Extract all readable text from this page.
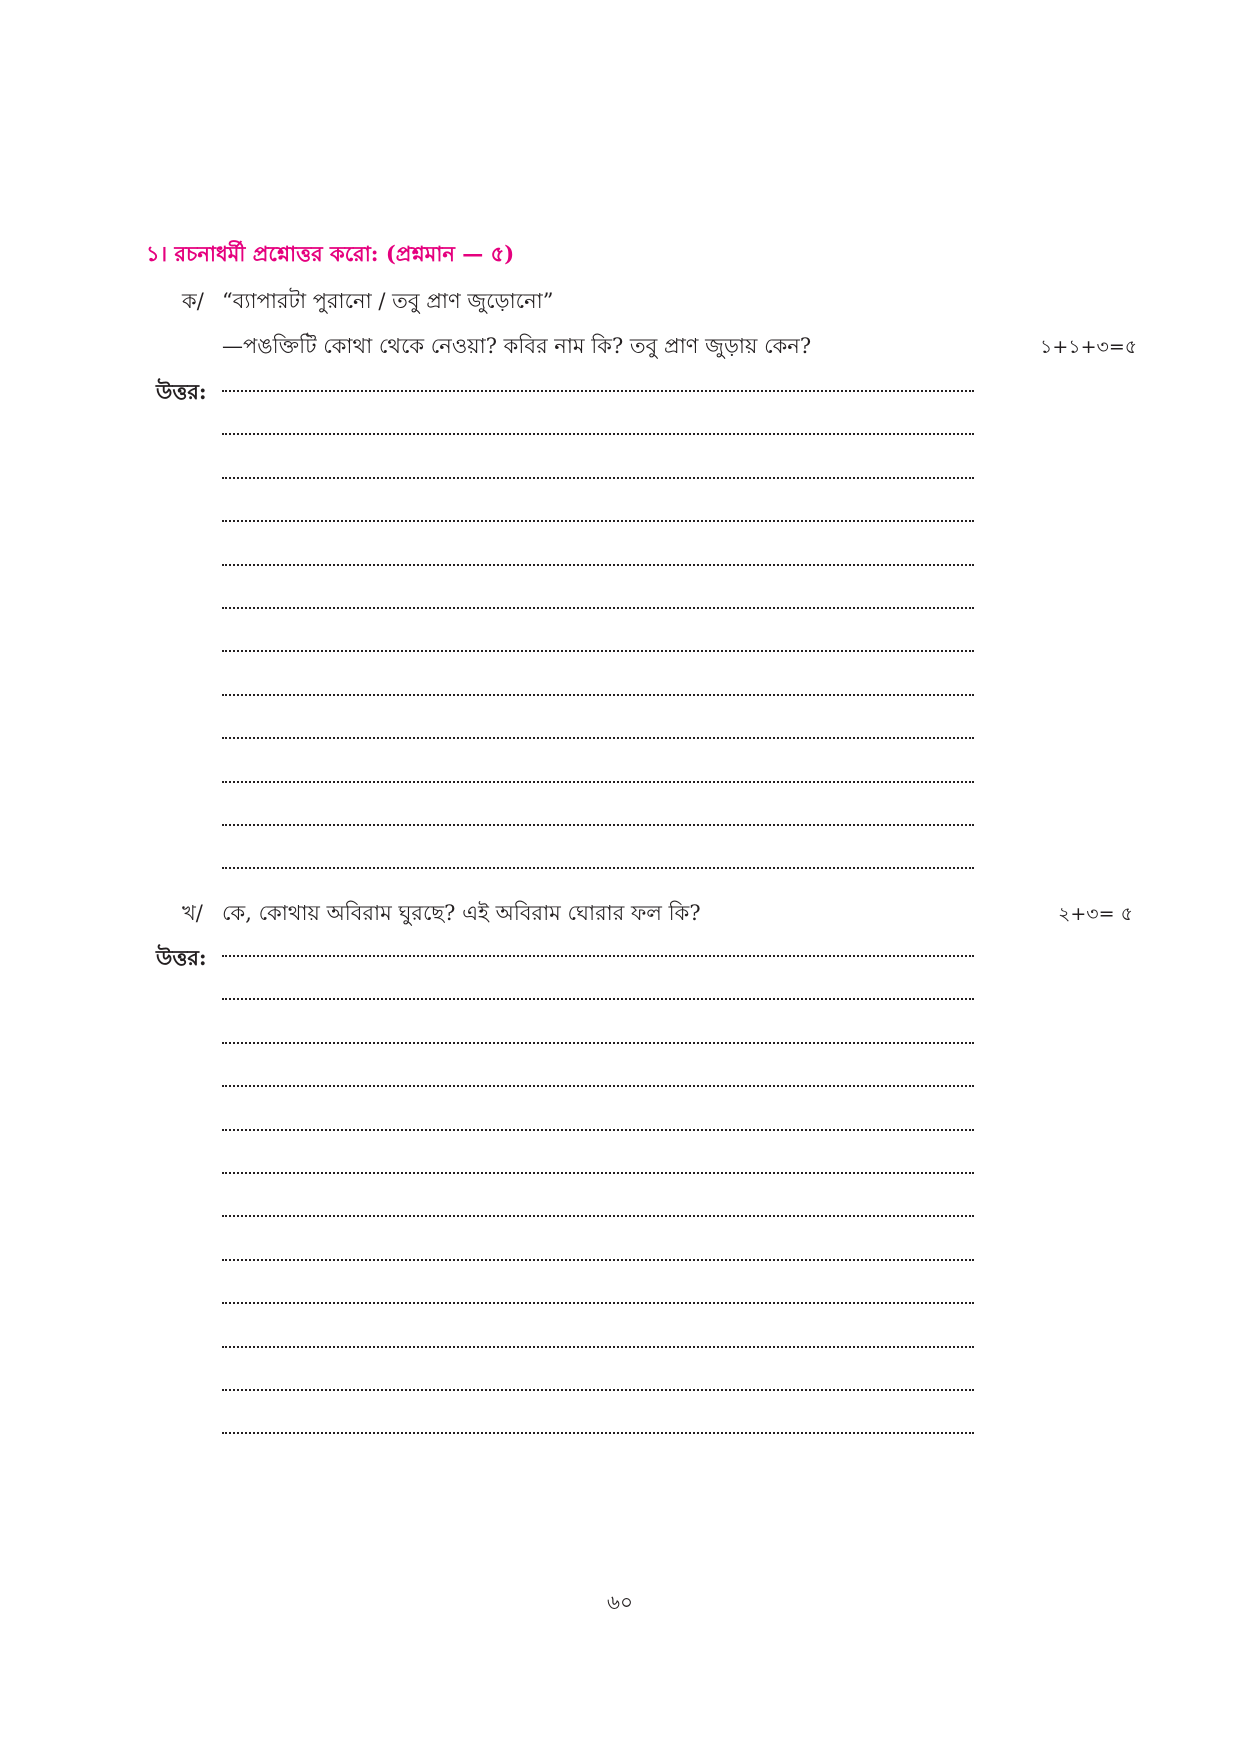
১। রচনাধর্মী প্রশ্নোত্তর করো: (প্রশ্নমান — ৫)
ক/ “ব্যাপারটা পুরানো / তবু প্রাণ জুড়োনো”
—পঙক্তিটি কোথা থেকে নেওয়া? কবির নাম কি? তবু প্রাণ জুড়ায় কেন?	১+১+৩=৫
উত্তর:
খ/ কে, কোথায় অবিরাম ঘুরছে? এই অবিরাম ঘোরার ফল কি?	২+৩= ৫
উত্তর:
৬০
